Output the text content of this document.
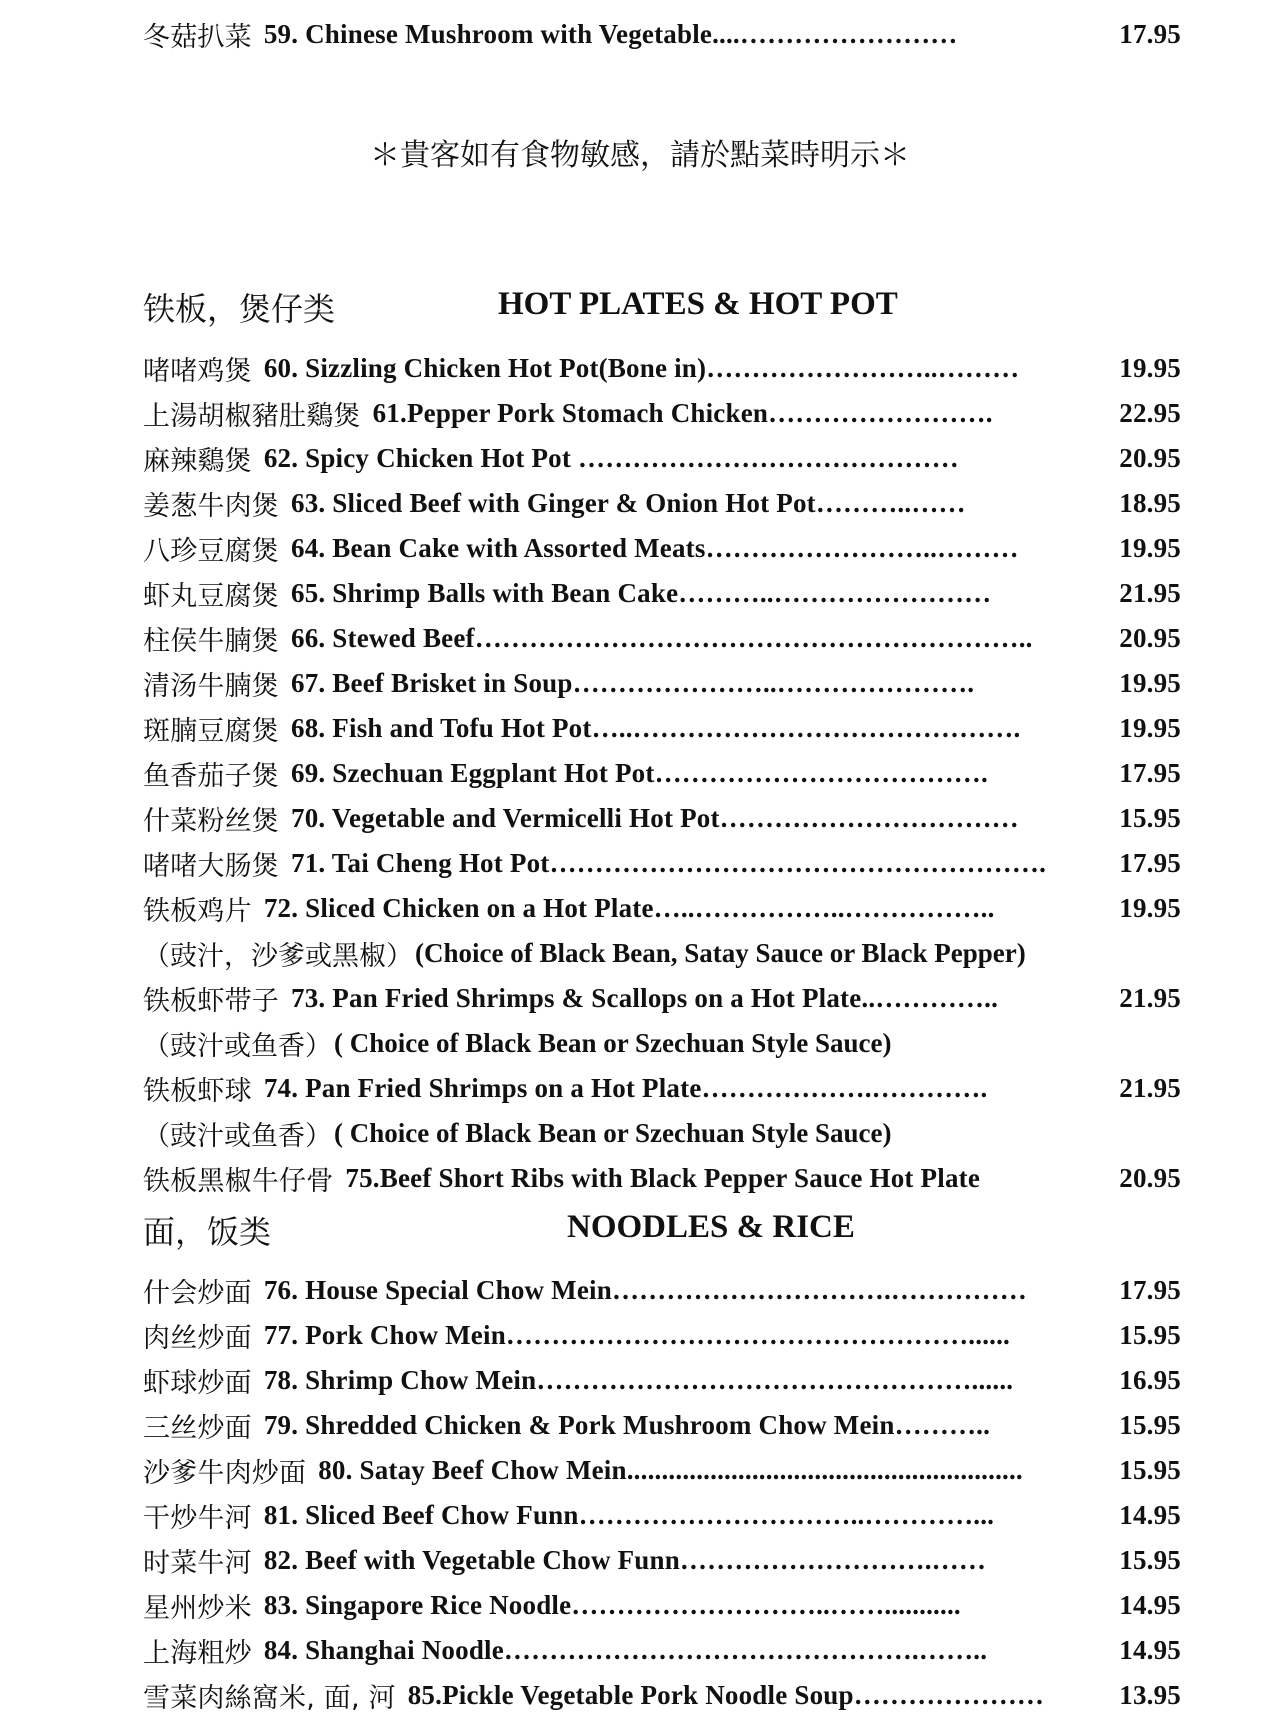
冬菇扒菜 59. Chinese Mushroom with Vegetable....……………………	17.95
＊貴客如有食物敏感，請於點菜時明示＊
铁板，煲仔类	HOT PLATES & HOT POT
啫啫鸡煲 60. Sizzling Chicken Hot Pot(Bone in)……………………..………	19.95
上湯胡椒豬肚鷄煲 61.Pepper Pork Stomach Chicken…………………….	22.95
麻辣鷄煲 62. Spicy Chicken Hot Pot ……………………………………	20.95
姜葱牛肉煲 63. Sliced Beef with Ginger & Onion Hot Pot………..……	18.95
八珍豆腐煲 64. Bean Cake with Assorted Meats……………………..………	19.95
虾丸豆腐煲 65. Shrimp Balls with Bean Cake………..……………………	21.95
柱侯牛腩煲 66. Stewed Beef……………………………………………………..	20.95
清汤牛腩煲 67. Beef Brisket in Soup…………………..………………….	19.95
斑腩豆腐煲 68. Fish and Tofu Hot Pot…..…………………………………….	19.95
鱼香茄子煲 69. Szechuan Eggplant Hot Pot……………………………….	17.95
什菜粉丝煲 70. Vegetable and Vermicelli Hot Pot……………………………	15.95
啫啫大肠煲 71. Tai Cheng Hot Pot……………………………………………….	17.95
铁板鸡片 72. Sliced Chicken on a Hot Plate…..……………..……………..	19.95
（豉汁，沙爹或黑椒） (Choice of Black Bean, Satay Sauce or Black Pepper)
铁板虾带子 73. Pan Fried Shrimps & Scallops on a Hot Plate..…………..	21.95
（豉汁或鱼香） ( Choice of Black Bean or Szechuan Style Sauce)
铁板虾球 74. Pan Fried Shrimps on a Hot Plate……………….………….	21.95
（豉汁或鱼香） ( Choice of Black Bean or Szechuan Style Sauce)
铁板黑椒牛仔骨 75.Beef Short Ribs with Black Pepper Sauce Hot Plate	20.95
面，饭类	NOODLES & RICE
什会炒面 76. House Special Chow Mein………………………….……………	17.95
肉丝炒面 77. Pork Chow Mein……………………………………………......	15.95
虾球炒面 78. Shrimp Chow Mein…………………………………………......	16.95
三丝炒面 79. Shredded Chicken & Pork Mushroom Chow Mein………..	15.95
沙爹牛肉炒面 80. Satay Beef Chow Mein.........................................................	15.95
干炒牛河 81. Sliced Beef Chow Funn…………………………..…………...	14.95
时菜牛河 82. Beef with Vegetable Chow Funn……………………….……	15.95
星州炒米 83. Singapore Rice Noodle………………………..……...........	14.95
上海粗炒 84. Shanghai Noodle……………………………………….……..	14.95
雪菜肉絲窩米, 面, 河 85.Pickle Vegetable Pork Noodle Soup…………………	13.95
